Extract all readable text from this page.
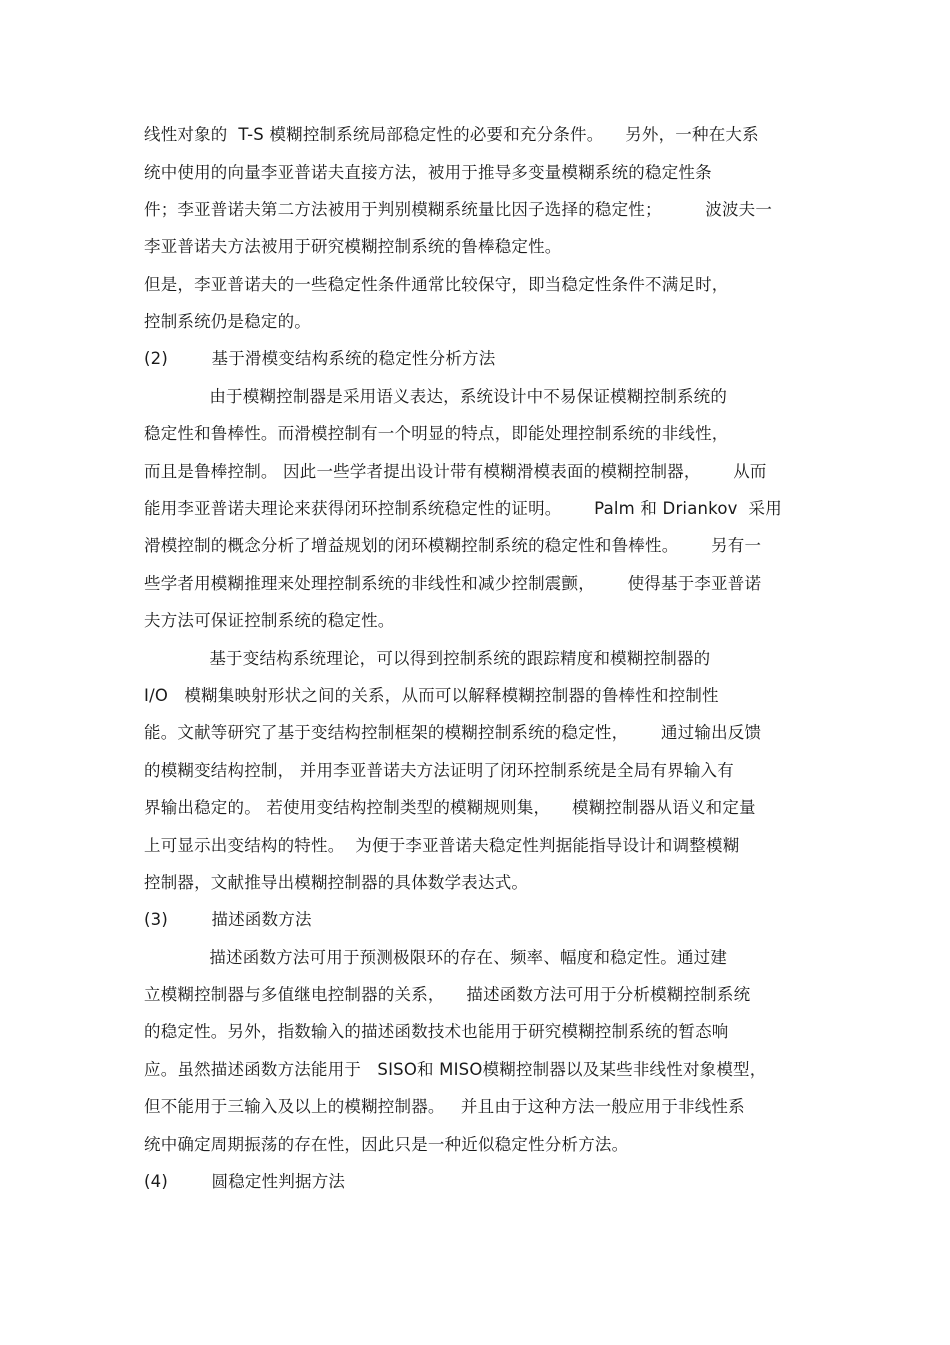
线性对象的  T-S 模糊控制系统局部稳定性的必要和充分条件。    另外，一种在大系
统中使用的向量李亚普诺夫直接方法，被用于推导多变量模糊系统的稳定性条
件；李亚普诺夫第二方法被用于判别模糊系统量比因子选择的稳定性；        波波夫一
李亚普诺夫方法被用于研究模糊控制系统的鲁棒稳定性。
但是，李亚普诺夫的一些稳定性条件通常比较保守，即当稳定性条件不满足时，
控制系统仍是稳定的。
(2)        基于滑模变结构系统的稳定性分析方法
由于模糊控制器是采用语义表达，系统设计中不易保证模糊控制系统的
稳定性和鲁棒性。而滑模控制有一个明显的特点，即能处理控制系统的非线性，
而且是鲁棒控制。 因此一些学者提出设计带有模糊滑模表面的模糊控制器，      从而
能用李亚普诺夫理论来获得闭环控制系统稳定性的证明。      Palm 和 Driankov  采用
滑模控制的概念分析了增益规划的闭环模糊控制系统的稳定性和鲁棒性。      另有一
些学者用模糊推理来处理控制系统的非线性和减少控制震颤，      使得基于李亚普诺
夫方法可保证控制系统的稳定性。
基于变结构系统理论，可以得到控制系统的跟踪精度和模糊控制器的
I/O   模糊集映射形状之间的关系，从而可以解释模糊控制器的鲁棒性和控制性
能。文献等研究了基于变结构控制框架的模糊控制系统的稳定性，      通过输出反馈
的模糊变结构控制， 并用李亚普诺夫方法证明了闭环控制系统是全局有界输入有
界输出稳定的。 若使用变结构控制类型的模糊规则集，    模糊控制器从语义和定量
上可显示出变结构的特性。  为便于李亚普诺夫稳定性判据能指导设计和调整模糊
控制器，文献推导出模糊控制器的具体数学表达式。
(3)        描述函数方法
描述函数方法可用于预测极限环的存在、频率、幅度和稳定性。通过建
立模糊控制器与多值继电控制器的关系，    描述函数方法可用于分析模糊控制系统
的稳定性。另外，指数输入的描述函数技术也能用于研究模糊控制系统的暂态响
应。虽然描述函数方法能用于   SISO和 MISO模糊控制器以及某些非线性对象模型，
但不能用于三输入及以上的模糊控制器。   并且由于这种方法一般应用于非线性系
统中确定周期振荡的存在性，因此只是一种近似稳定性分析方法。
(4)        圆稳定性判据方法
